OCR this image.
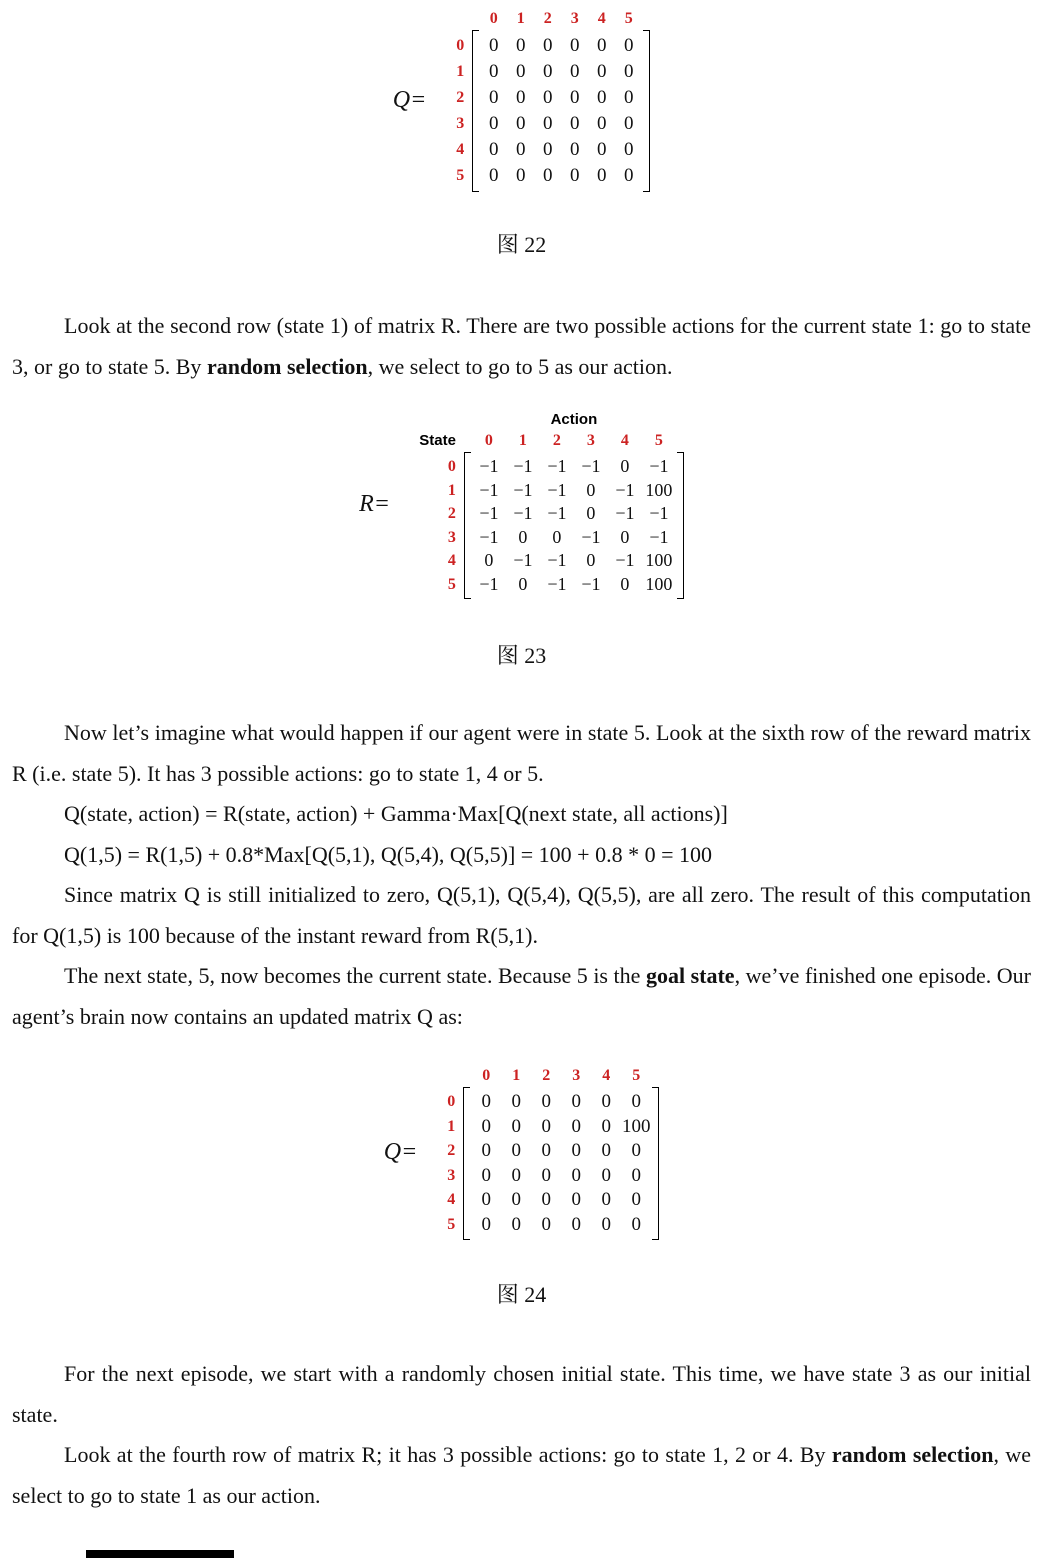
Q=
0	1	2	3	4	5
0
1
2
3
4
5
0 0 0 0 0 0
0 0 0 0 0 0
0 0 0 0 0 0
0 0 0 0 0 0
0 0 0 0 0 0
0 0 0 0 0 0
图 22

Look at the second row (state 1) of matrix R. There are two possible actions for the current state 1: go to state 3, or go to state 5. By random selection, we select to go to 5 as our action.

R=
Action
State	0	1	2	3	4	5
0
1
2
3
4
5
−1 −1 −1 −1	0	−1
−1 −1 −1	0	−1 100
−1 −1 −1	0	−1 −1
−1	0	0	−1	0	−1
0	−1 −1	0	−1 100
−1	0	−1 −1	0 100
图 23

Now let’s imagine what would happen if our agent were in state 5. Look at the sixth row of the reward matrix R (i.e. state 5). It has 3 possible actions: go to state 1, 4 or 5.

Q(state, action) = R(state, action) + Gamma·Max[Q(next state, all actions)]

Q(1,5) = R(1,5) + 0.8*Max[Q(5,1), Q(5,4), Q(5,5)] = 100 + 0.8 * 0 = 100

Since matrix Q is still initialized to zero, Q(5,1), Q(5,4), Q(5,5), are all zero. The result of this computation for Q(1,5) is 100 because of the instant reward from R(5,1).

The next state, 5, now becomes the current state. Because 5 is the goal state, we’ve finished one episode. Our agent’s brain now contains an updated matrix Q as:

Q=
0	1	2	3	4	5
0
1
2
3
4
5
0	0	0	0	0	0
0	0	0	0	0 100
0	0	0	0	0	0
0	0	0	0	0	0
0	0	0	0	0	0
0	0	0	0	0	0
图 24

For the next episode, we start with a randomly chosen initial state. This time, we have state 3 as our initial state.

Look at the fourth row of matrix R; it has 3 possible actions: go to state 1, 2 or 4. By random selection, we select to go to state 1 as our action.
